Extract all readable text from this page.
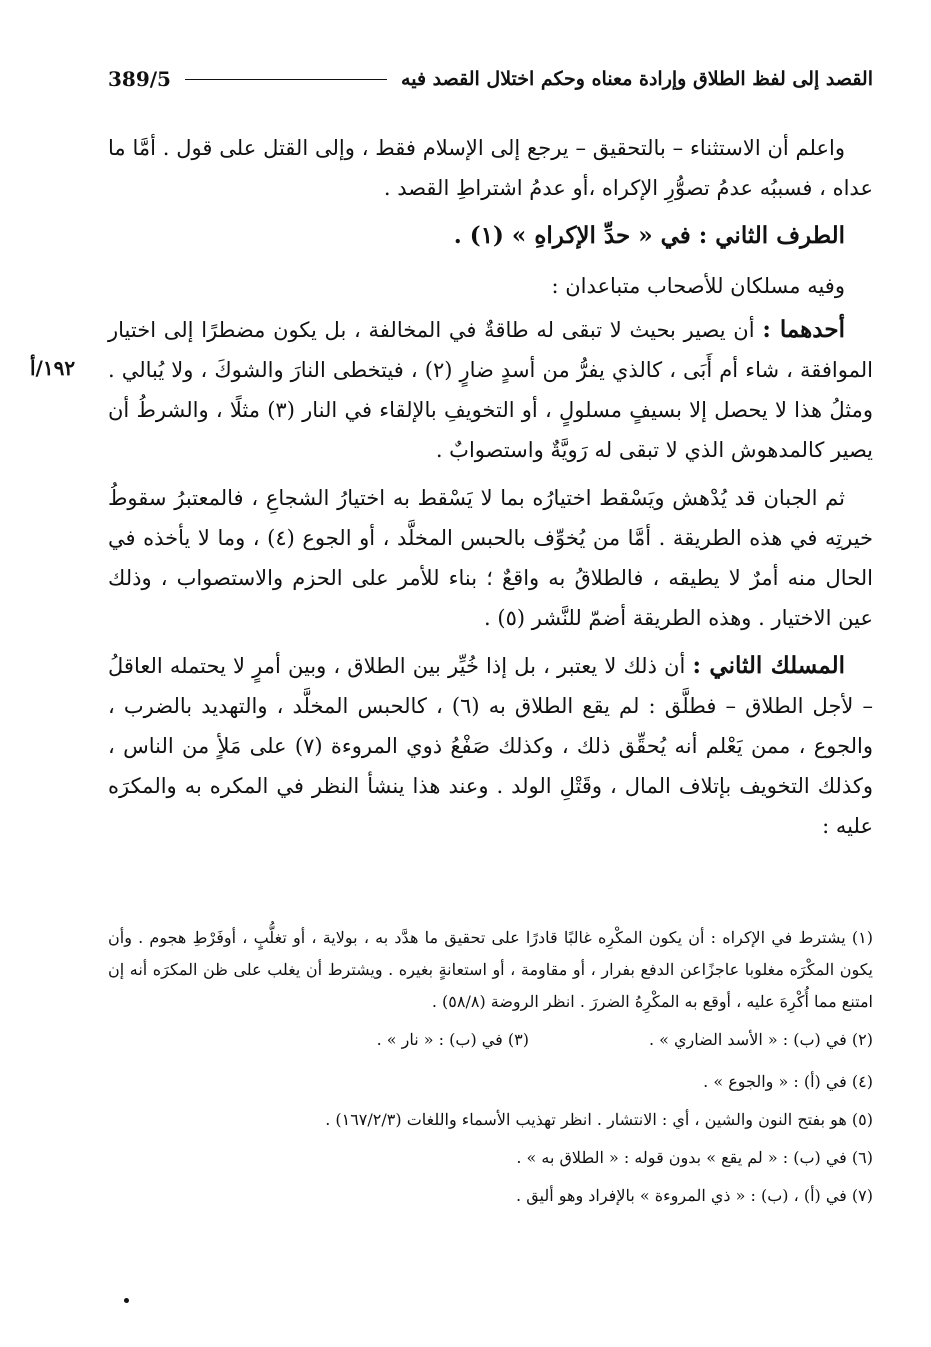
القصد إلى لفظ الطلاق وإرادة معناه وحكم اختلال القصد فيه
389/5
١٩٢/أ

واعلم أن الاستثناء – بالتحقيق – يرجع إلى الإسلام فقط ، وإلى القتل على قول . أمَّا ما عداه ، فسببُه عدمُ تصوُّرِ الإكراه ،أو عدمُ اشتراطِ القصد .

الطرف الثاني : في « حدِّ الإكراهِ » (١) .

وفيه مسلكان للأصحاب متباعدان :

أحدهما : أن يصير بحيث لا تبقى له طاقةٌ في المخالفة ، بل يكون مضطرًا إلى اختيار الموافقة ، شاء أم أَبَى ، كالذي يفرُّ من أسدٍ ضارٍ (٢) ، فيتخطى النارَ والشوكَ ، ولا يُبالي . ومثلُ هذا لا يحصل إلا بسيفٍ مسلولٍ ، أو التخويفِ بالإلقاء في النار (٣) مثلًا ، والشرطُ أن يصير كالمدهوش الذي لا تبقى له رَويَّةٌ واستصوابٌ .

ثم الجبان قد يُدْهش ويَسْقط اختيارُه بما لا يَسْقط به اختيارُ الشجاعِ ، فالمعتبرُ سقوطُ خيرتِه في هذه الطريقة . أمَّا من يُخوِّف بالحبس المخلَّد ، أو الجوع (٤) ، وما لا يأخذه في الحال منه أمرٌ لا يطيقه ، فالطلاقُ به واقعٌ ؛ بناء للأمر على الحزم والاستصواب ، وذلك عين الاختيار . وهذه الطريقة أضمّ للنَّشر (٥) .

المسلك الثاني : أن ذلك لا يعتبر ، بل إذا خُيِّر بين الطلاق ، وبين أمرٍ لا يحتمله العاقلُ – لأجل الطلاق – فطلَّق : لم يقع الطلاق به (٦) ، كالحبس المخلَّد ، والتهديد بالضرب ، والجوع ، ممن يَعْلم أنه يُحقِّق ذلك ، وكذلك صَفْعُ ذوي المروءة (٧) على مَلأٍ من الناس ، وكذلك التخويف بإتلاف المال ، وقَتْلِ الولد . وعند هذا ينشأ النظر في المكره به والمكرَه عليه :

(١) يشترط في الإكراه : أن يكون المكْرِه غالبًا قادرًا على تحقيق ما هدَّد به ، بولاية ، أو تغلُّبٍ ، أوفَرْطِ هجوم . وأن يكون المكْرَه مغلوبا عاجزًاعن الدفع بفرار ، أو مقاومة ، أو استعانةٍ بغيره . ويشترط أن يغلب على ظن المكرَه أنه إن امتنع مما أُكْرِهَ عليه ، أوقع به المكْرِهُ الضررَ . انظر الروضة (٥٨/٨) .

(٢) في (ب) : « الأسد الضاري » .
(٣) في (ب) : « نار » .

(٤) في (أ) : « والجوع » .

(٥) هو بفتح النون والشين ، أي : الانتشار . انظر تهذيب الأسماء واللغات (١٦٧/٢/٣) .

(٦) في (ب) : « لم يقع » بدون قوله : « الطلاق به » .

(٧) في (أ) ، (ب) : « ذي المروءة » بالإفراد وهو أليق .
